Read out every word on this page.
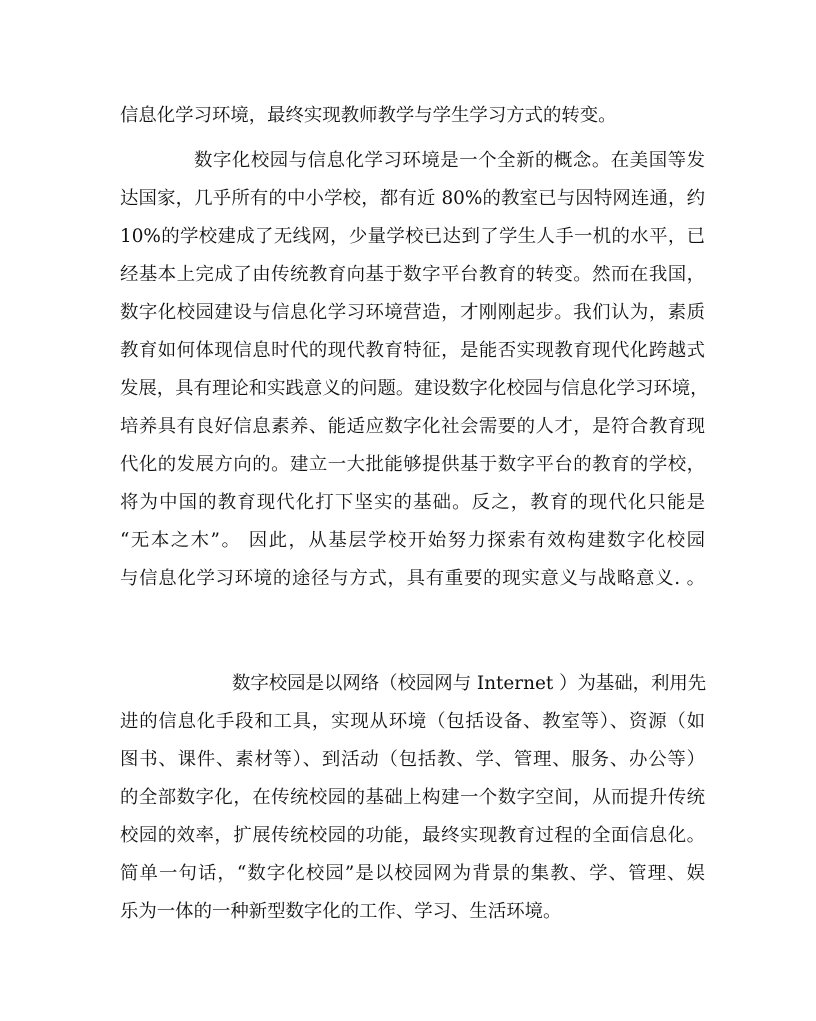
信息化学习环境，最终实现教师教学与学生学习方式的转变。
数字化校园与信息化学习环境是一个全新的概念。在美国等发
达国家，几乎所有的中小学校，都有近 80%的教室已与因特网连通，约
10%的学校建成了无线网，少量学校已达到了学生人手一机的水平，已
经基本上完成了由传统教育向基于数字平台教育的转变。然而在我国，
数字化校园建设与信息化学习环境营造，才刚刚起步。我们认为，素质
教育如何体现信息时代的现代教育特征，是能否实现教育现代化跨越式
发展，具有理论和实践意义的问题。建设数字化校园与信息化学习环境，
培养具有良好信息素养、能适应数字化社会需要的人才，是符合教育现
代化的发展方向的。建立一大批能够提供基于数字平台的教育的学校，
将为中国的教育现代化打下坚实的基础。反之，教育的现代化只能是
“无本之木”。 因此，从基层学校开始努力探索有效构建数字化校园
与信息化学习环境的途径与方式，具有重要的现实意义与战略意义. 。
数字校园是以网络（校园网与 Internet ）为基础，利用先
进的信息化手段和工具，实现从环境（包括设备、教室等）、资源（如
图书、课件、素材等）、到活动（包括教、学、管理、服务、办公等）
的全部数字化，在传统校园的基础上构建一个数字空间，从而提升传统
校园的效率，扩展传统校园的功能，最终实现教育过程的全面信息化。
简单一句话，“数字化校园”是以校园网为背景的集教、学、管理、娱
乐为一体的一种新型数字化的工作、学习、生活环境。
